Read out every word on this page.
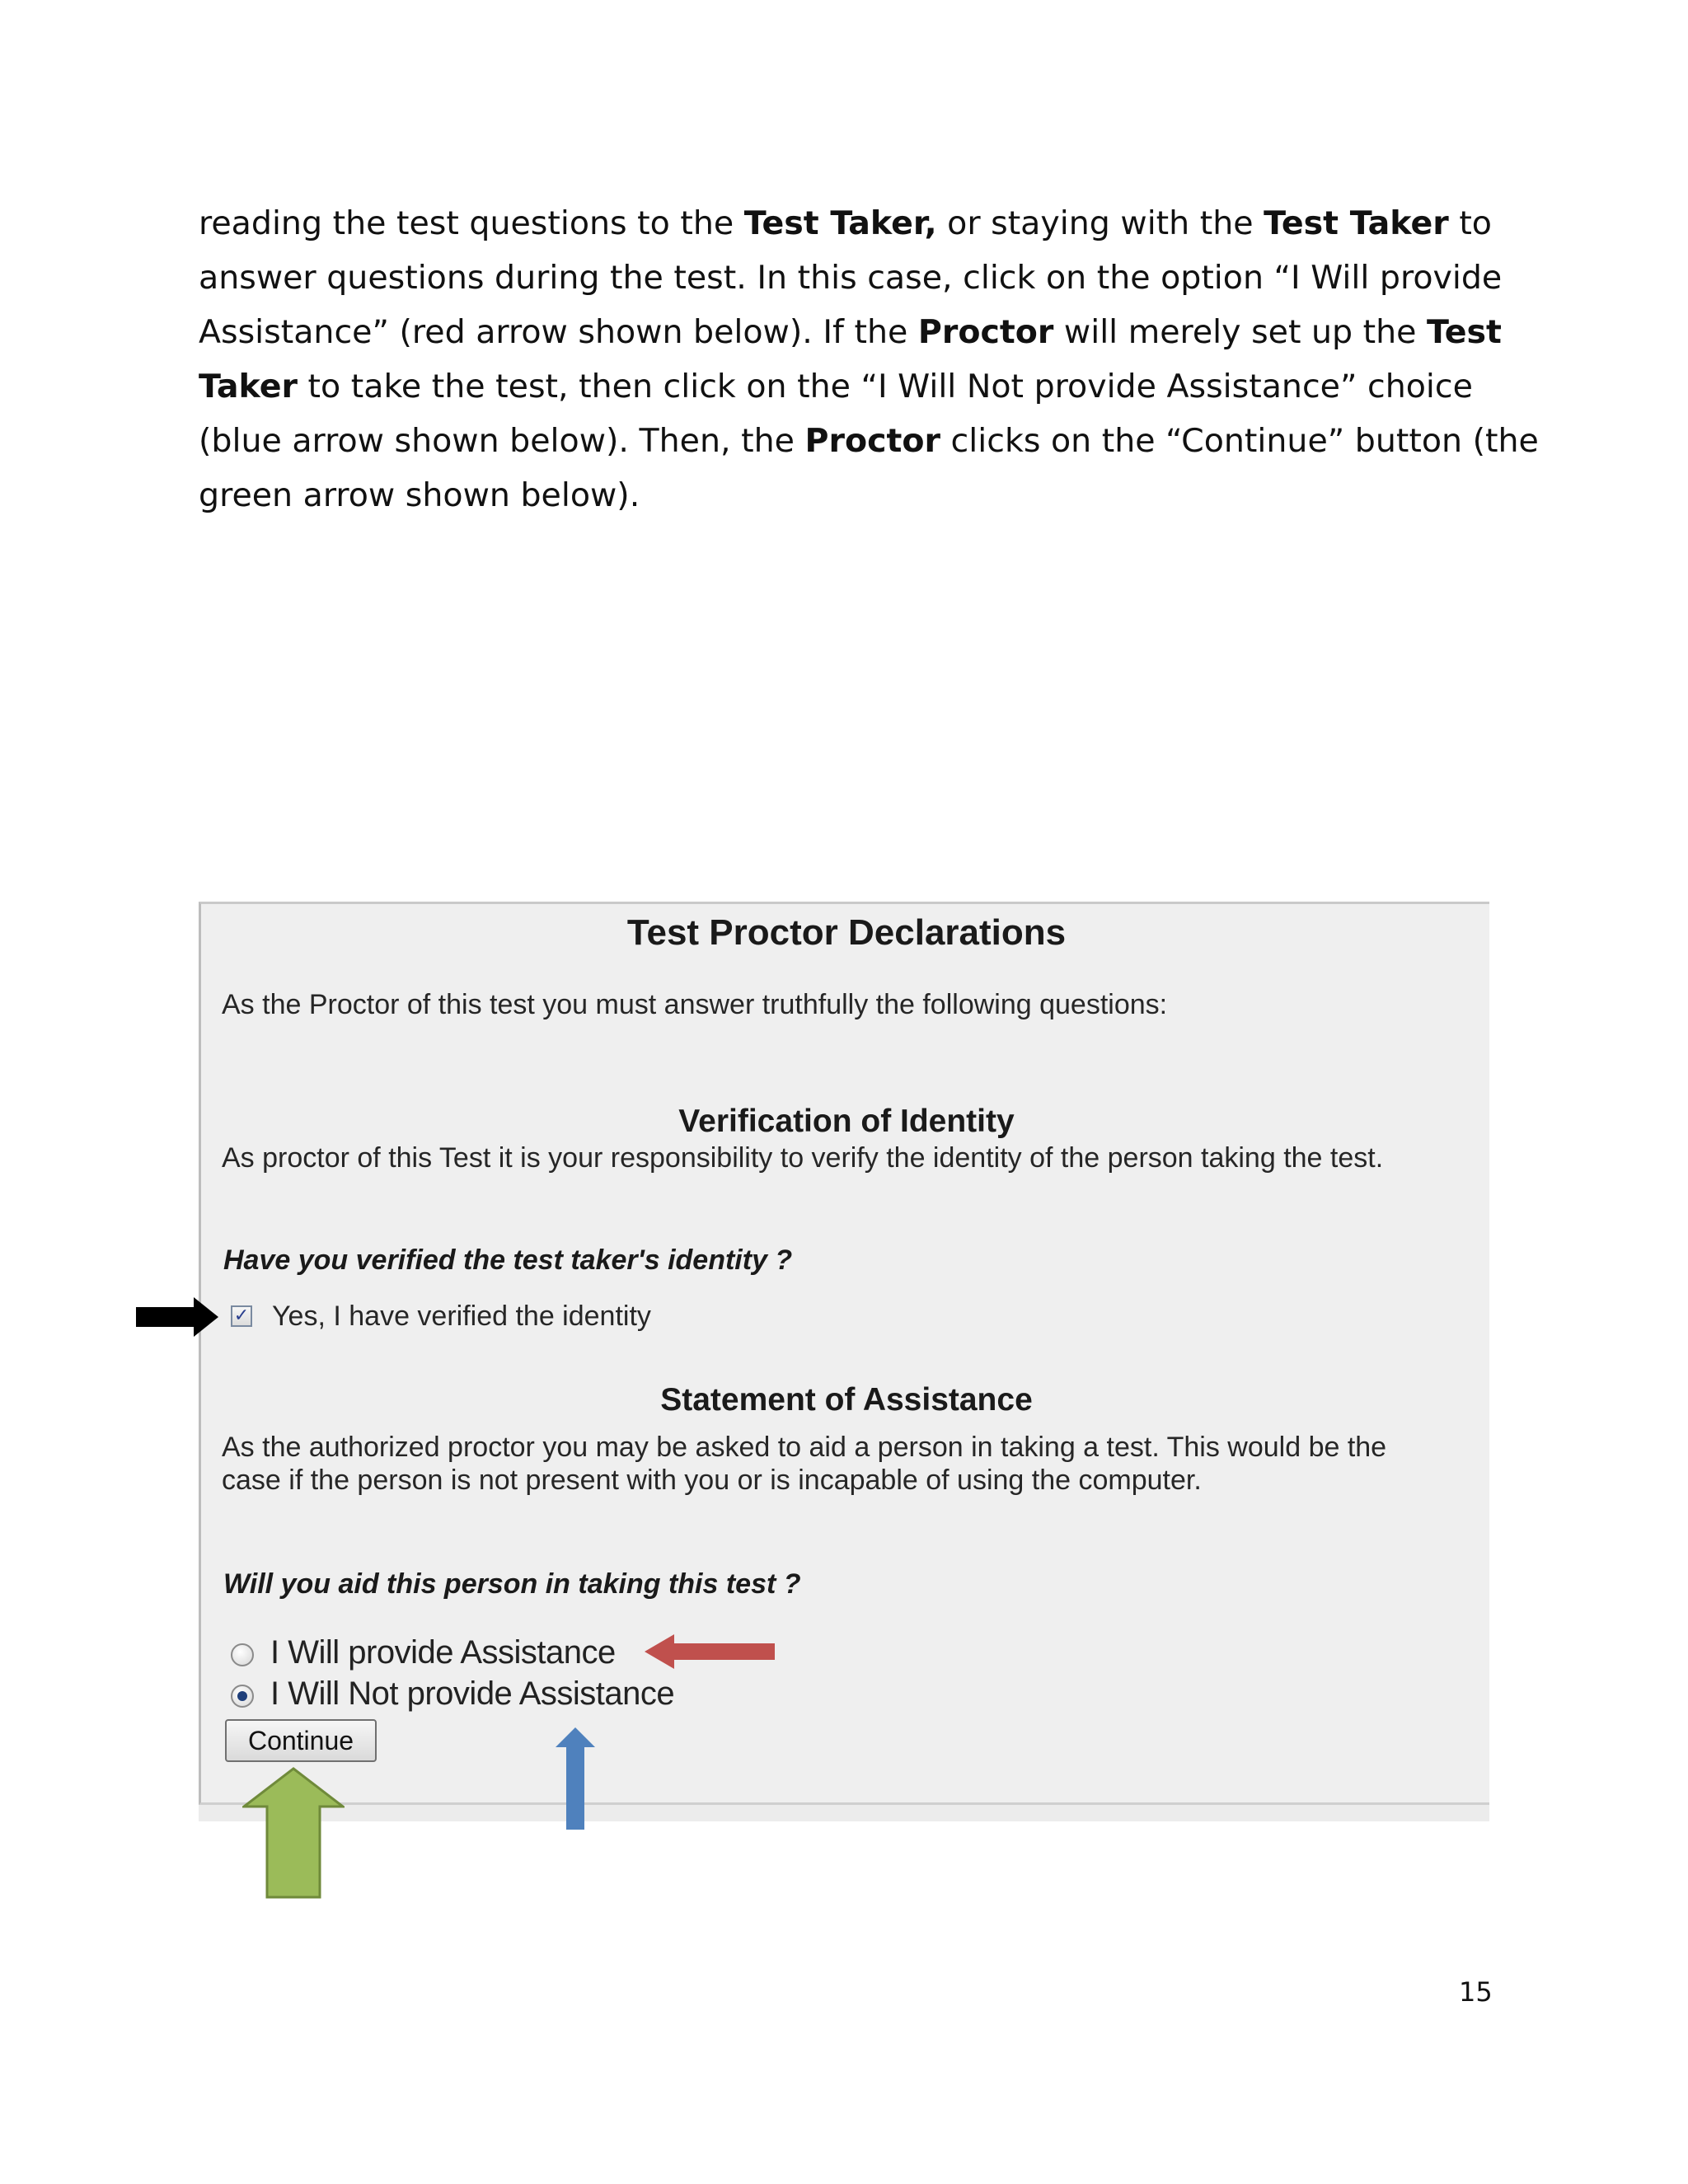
reading the test questions to the Test Taker, or staying with the Test Taker to
answer questions during the test. In this case, click on the option “I Will provide
Assistance” (red arrow shown below). If the Proctor will merely set up the Test
Taker to take the test, then click on the “I Will Not provide Assistance” choice
(blue arrow shown below). Then, the Proctor clicks on the “Continue” button (the
green arrow shown below).
Test Proctor Declarations
As the Proctor of this test you must answer truthfully the following questions:
Verification of Identity
As proctor of this Test it is your responsibility to verify the identity of the person taking the test.
Have you verified the test taker's identity ?
✓ Yes, I have verified the identity
Statement of Assistance
As the authorized proctor you may be asked to aid a person in taking a test. This would be the
case if the person is not present with you or is incapable of using the computer.
Will you aid this person in taking this test ?
I Will provide Assistance
I Will Not provide Assistance
Continue
15
